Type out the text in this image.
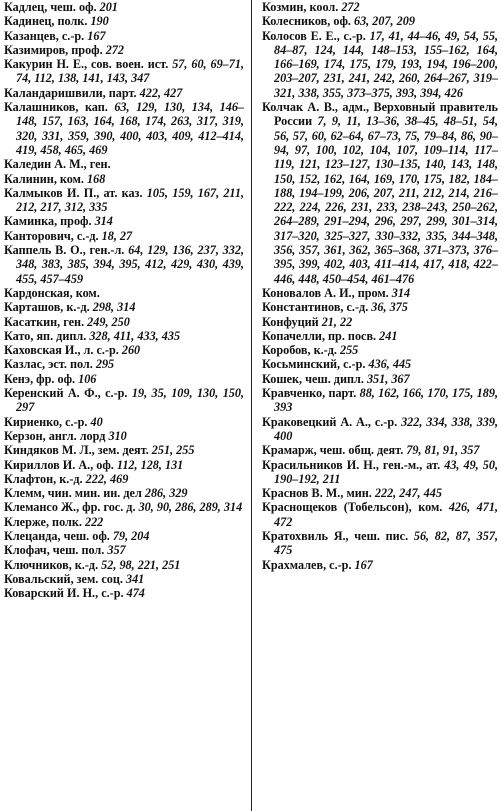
Кадлец, чеш. оф. 201

Кадинец, полк. 190

Казанцев, с.-р. 167

Казимиров, проф. 272

Какурин Н. Е., сов. воен. ист. 57, 60, 69–71, 74, 112, 138, 141, 143, 347

Каландаришвили, парт. 422, 427

Калашников, кап. 63, 129, 130, 134, 146–148, 157, 163, 164, 168, 174, 263, 317, 319, 320, 331, 359, 390, 400, 403, 409, 412–414, 419, 458, 465, 469

Каледин А. М., ген.

Калинин, ком. 168

Калмыков И. П., ат. каз. 105, 159, 167, 211, 212, 217, 312, 335

Каминка, проф. 314

Канторович, с.-д. 18, 27

Каппель В. О., ген.-л. 64, 129, 136, 237, 332, 348, 383, 385, 394, 395, 412, 429, 430, 439, 455, 457–459

Кардонская, ком.

Карташов, к.-д. 298, 314

Касаткин, ген. 249, 250

Като, яп. дипл. 328, 411, 433, 435

Каховская И., л. с.-р. 260

Казлас, эст. пол. 295

Кенэ, фр. оф. 106

Керенский А. Ф., с.-р. 19, 35, 109, 130, 150, 297

Кириенко, с.-р. 40

Керзон, англ. лорд 310

Киндяков М. Л., зем. деят. 251, 255

Кириллов И. А., оф. 112, 128, 131

Клафтон, к.-д. 222, 469

Клемм, чин. мин. ин. дел 286, 329

Клемансо Ж., фр. гос. д. 30, 90, 286, 289, 314

Клерже, полк. 222

Клецанда, чеш. оф. 79, 204

Клофач, чеш. пол. 357

Ключников, к.-д. 52, 98, 221, 251

Ковальский, зем. соц. 341

Коварский И. Н., с.-р. 474

Козмин, коол. 272

Колесников, оф. 63, 207, 209

Колосов Е. Е., с.-р. 17, 41, 44–46, 49, 54, 55, 84–87, 124, 144, 148–153, 155–162, 164, 166–169, 174, 175, 179, 193, 194, 196–200, 203–207, 231, 241, 242, 260, 264–267, 319–321, 338, 355, 373–375, 393, 394, 426

Колчак А. В., адм., Верховный правитель России 7, 9, 11, 13–36, 38–45, 48–51, 54, 56, 57, 60, 62–64, 67–73, 75, 79–84, 86, 90–94, 97, 100, 102, 104, 107, 109–114, 117–119, 121, 123–127, 130–135, 140, 143, 148, 150, 152, 162, 164, 169, 170, 175, 182, 184–188, 194–199, 206, 207, 211, 212, 214, 216–222, 224, 226, 231, 233, 238–243, 250–262, 264–289, 291–294, 296, 297, 299, 301–314, 317–320, 325–327, 330–332, 335, 344–348, 356, 357, 361, 362, 365–368, 371–373, 376–395, 399, 402, 403, 411–414, 417, 418, 422–446, 448, 450–454, 461–476

Коновалов А. И., пром. 314

Константинов, с.-д. 36, 375

Конфуций 21, 22

Копачелли, пр. посв. 241

Коробов, к.-д. 255

Косьминский, с.-р. 436, 445

Кошек, чеш. дипл. 351, 367

Кравченко, парт. 88, 162, 166, 170, 175, 189, 393

Краковецкий А. А., с.-р. 322, 334, 338, 339, 400

Крамарж, чеш. общ. деят. 79, 81, 91, 357

Красильников И. Н., ген.-м., ат. 43, 49, 50, 190–192, 211

Краснов В. М., мин. 222, 247, 445

Краснощеков (Тобельсон), ком. 426, 471, 472

Кратохвиль Я., чеш. пис. 56, 82, 87, 357, 475

Крахмалев, с.-р. 167
